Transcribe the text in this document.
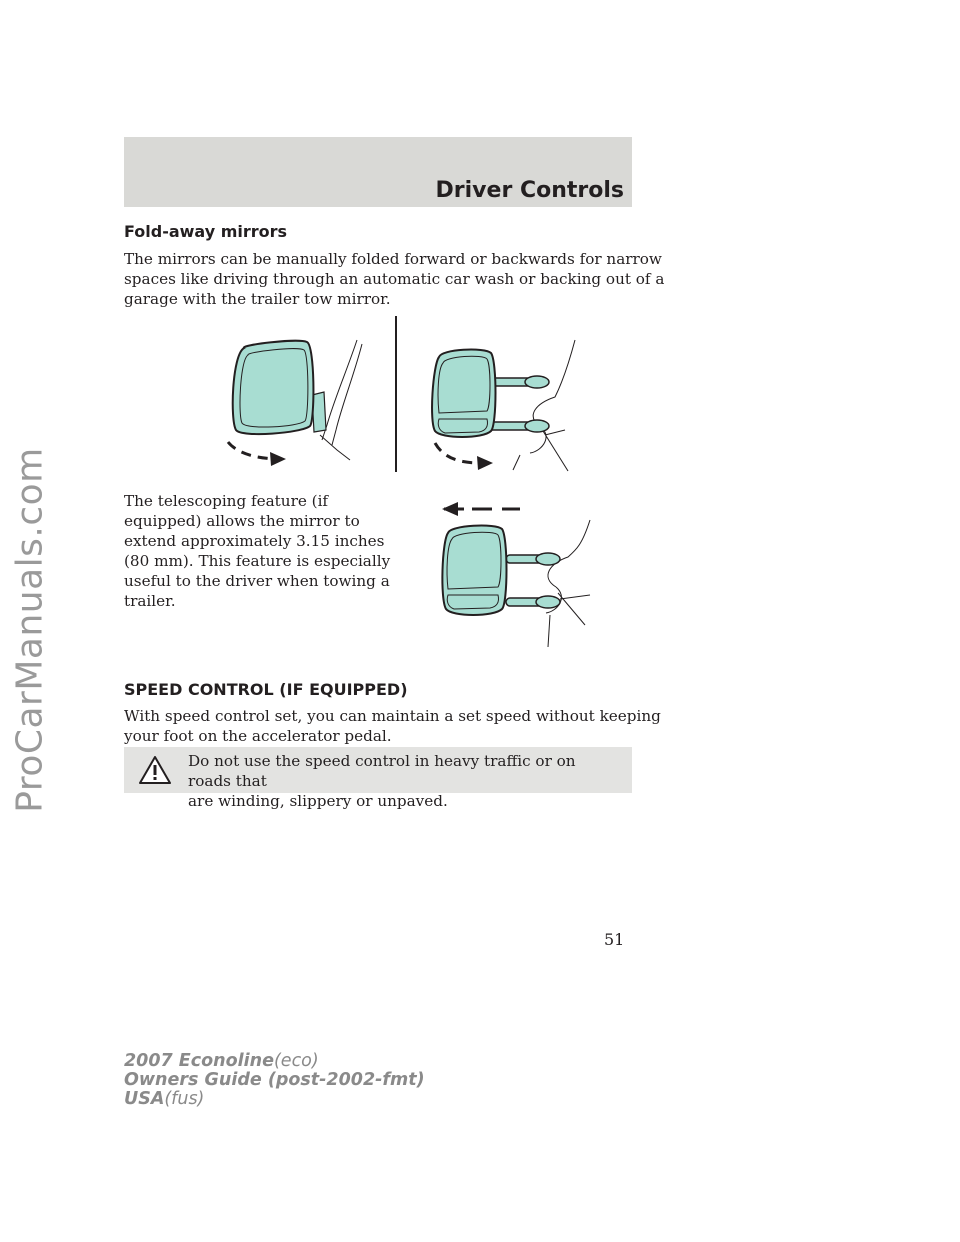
ProCarManuals.com
Driver Controls
Fold-away mirrors

The mirrors can be manually folded forward or backwards for narrow
spaces like driving through an automatic car wash or backing out of a
garage with the trailer tow mirror.

The telescoping feature (if
equipped) allows the mirror to
extend approximately 3.15 inches
(80 mm). This feature is especially
useful to the driver when towing a
trailer.

SPEED CONTROL (IF EQUIPPED)

With speed control set, you can maintain a set speed without keeping
your foot on the accelerator pedal.

Do not use the speed control in heavy traffic or on roads that
are winding, slippery or unpaved.

51
2007 Econoline(eco)
Owners Guide (post-2002-fmt)
USA(fus)
